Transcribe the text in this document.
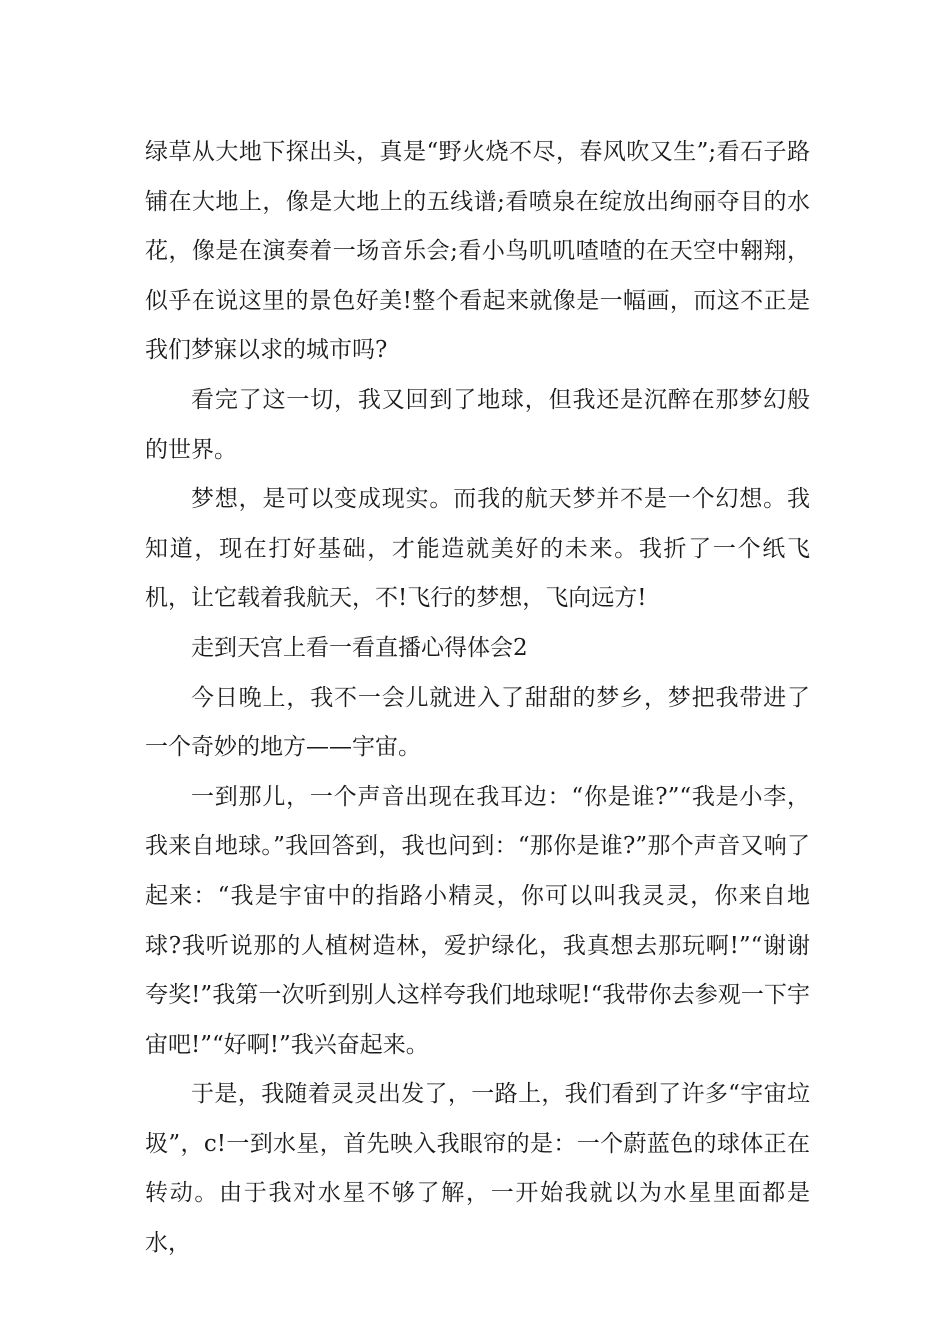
绿草从大地下探出头，真是“野火烧不尽，春风吹又生”;看石子路铺在大地上，像是大地上的五线谱;看喷泉在绽放出绚丽夺目的水花，像是在演奏着一场音乐会;看小鸟叽叽喳喳的在天空中翱翔，似乎在说这里的景色好美!整个看起来就像是一幅画，而这不正是我们梦寐以求的城市吗?

看完了这一切，我又回到了地球，但我还是沉醉在那梦幻般的世界。

梦想，是可以变成现实。而我的航天梦并不是一个幻想。我知道，现在打好基础，才能造就美好的未来。我折了一个纸飞机，让它载着我航天，不!飞行的梦想，飞向远方!

走到天宫上看一看直播心得体会2

今日晚上，我不一会儿就进入了甜甜的梦乡，梦把我带进了一个奇妙的地方——宇宙。

一到那儿，一个声音出现在我耳边：“你是谁?”“我是小李，我来自地球。”我回答到，我也问到：“那你是谁?”那个声音又响了起来：“我是宇宙中的指路小精灵，你可以叫我灵灵，你来自地球?我听说那的人植树造林，爱护绿化，我真想去那玩啊!”“谢谢夸奖!”我第一次听到别人这样夸我们地球呢!“我带你去参观一下宇宙吧!”“好啊!”我兴奋起来。

于是，我随着灵灵出发了，一路上，我们看到了许多“宇宙垃圾”，c!一到水星，首先映入我眼帘的是：一个蔚蓝色的球体正在转动。由于我对水星不够了解，一开始我就以为水星里面都是水，
